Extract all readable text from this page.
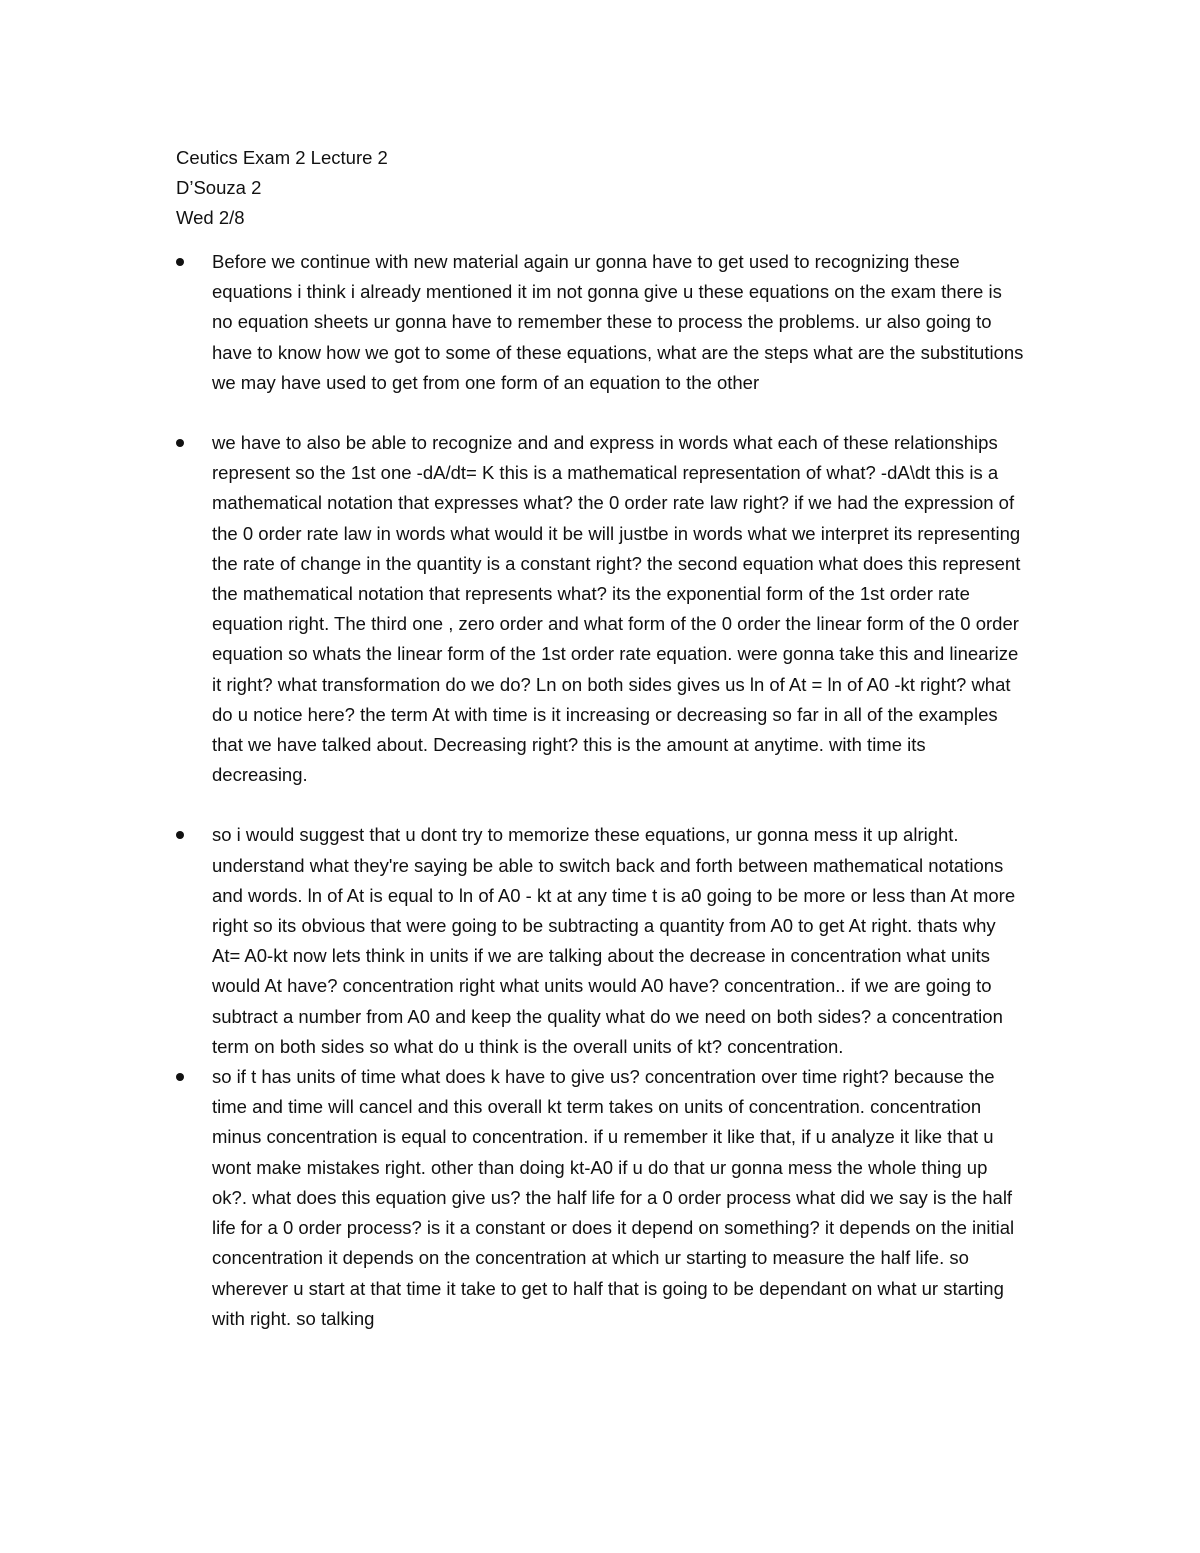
Ceutics Exam 2 Lecture 2
D’Souza 2
Wed 2/8
Before we continue with new material again ur gonna have to get used to recognizing these equations i think i already mentioned it im not gonna give u these equations on the exam there is no equation sheets ur gonna have to remember these to process the problems. ur also going to have to know how we got to some of these equations, what are the steps what are the substitutions we may have used to get from one form of an equation to the other
we have to also be able to recognize and and express in words what each of these relationships represent so the 1st one -dA/dt= K this is a mathematical representation of what? -dA\dt this is a mathematical notation that expresses what? the 0 order rate law right? if we had the expression of the 0 order rate law in words what would it be will justbe in words what we interpret its representing the rate of change in the quantity is a constant right? the second equation what does this represent the mathematical notation that represents what? its the exponential form of the 1st order rate equation right. The third one , zero order and what form of the 0 order the linear form of the 0 order equation so whats the linear form of the 1st order rate equation. were gonna take this and linearize it right? what transformation do we do? Ln on both sides gives us ln of At = ln of A0 -kt right? what do u notice here? the term At with time is it increasing or decreasing so far in all of the examples that we have talked about. Decreasing right? this is the amount at anytime. with time its decreasing.
so i would suggest that u dont try to memorize these equations, ur gonna mess it up alright. understand what they're saying be able to switch back and forth between mathematical notations and words. ln of At is equal to ln of A0 - kt at any time t is a0 going to be more or less than At more right so its obvious that were going to be subtracting a quantity from A0 to get At right. thats why At= A0-kt now lets think in units if we are talking about the decrease in concentration what units would At have? concentration right what units would A0 have? concentration.. if we are going to subtract a number from A0 and keep the quality what do we need on both sides? a concentration term on both sides so what do u think is the overall units of kt? concentration.
so if t has units of time what does k have to give us? concentration over time right? because the time and time will cancel and this overall kt term takes on units of concentration. concentration minus concentration is equal to concentration. if u remember it like that, if u analyze it like that u wont make mistakes right. other than doing kt-A0 if u do that ur gonna mess the whole thing up ok?. what does this equation give us? the half life for a 0 order process what did we say is the half life for a 0 order process? is it a constant or does it depend on something? it depends on the initial concentration it depends on the concentration at which ur starting to measure the half life. so wherever u start at that time it take to get to half that is going to be dependant on what ur starting with right. so talking
